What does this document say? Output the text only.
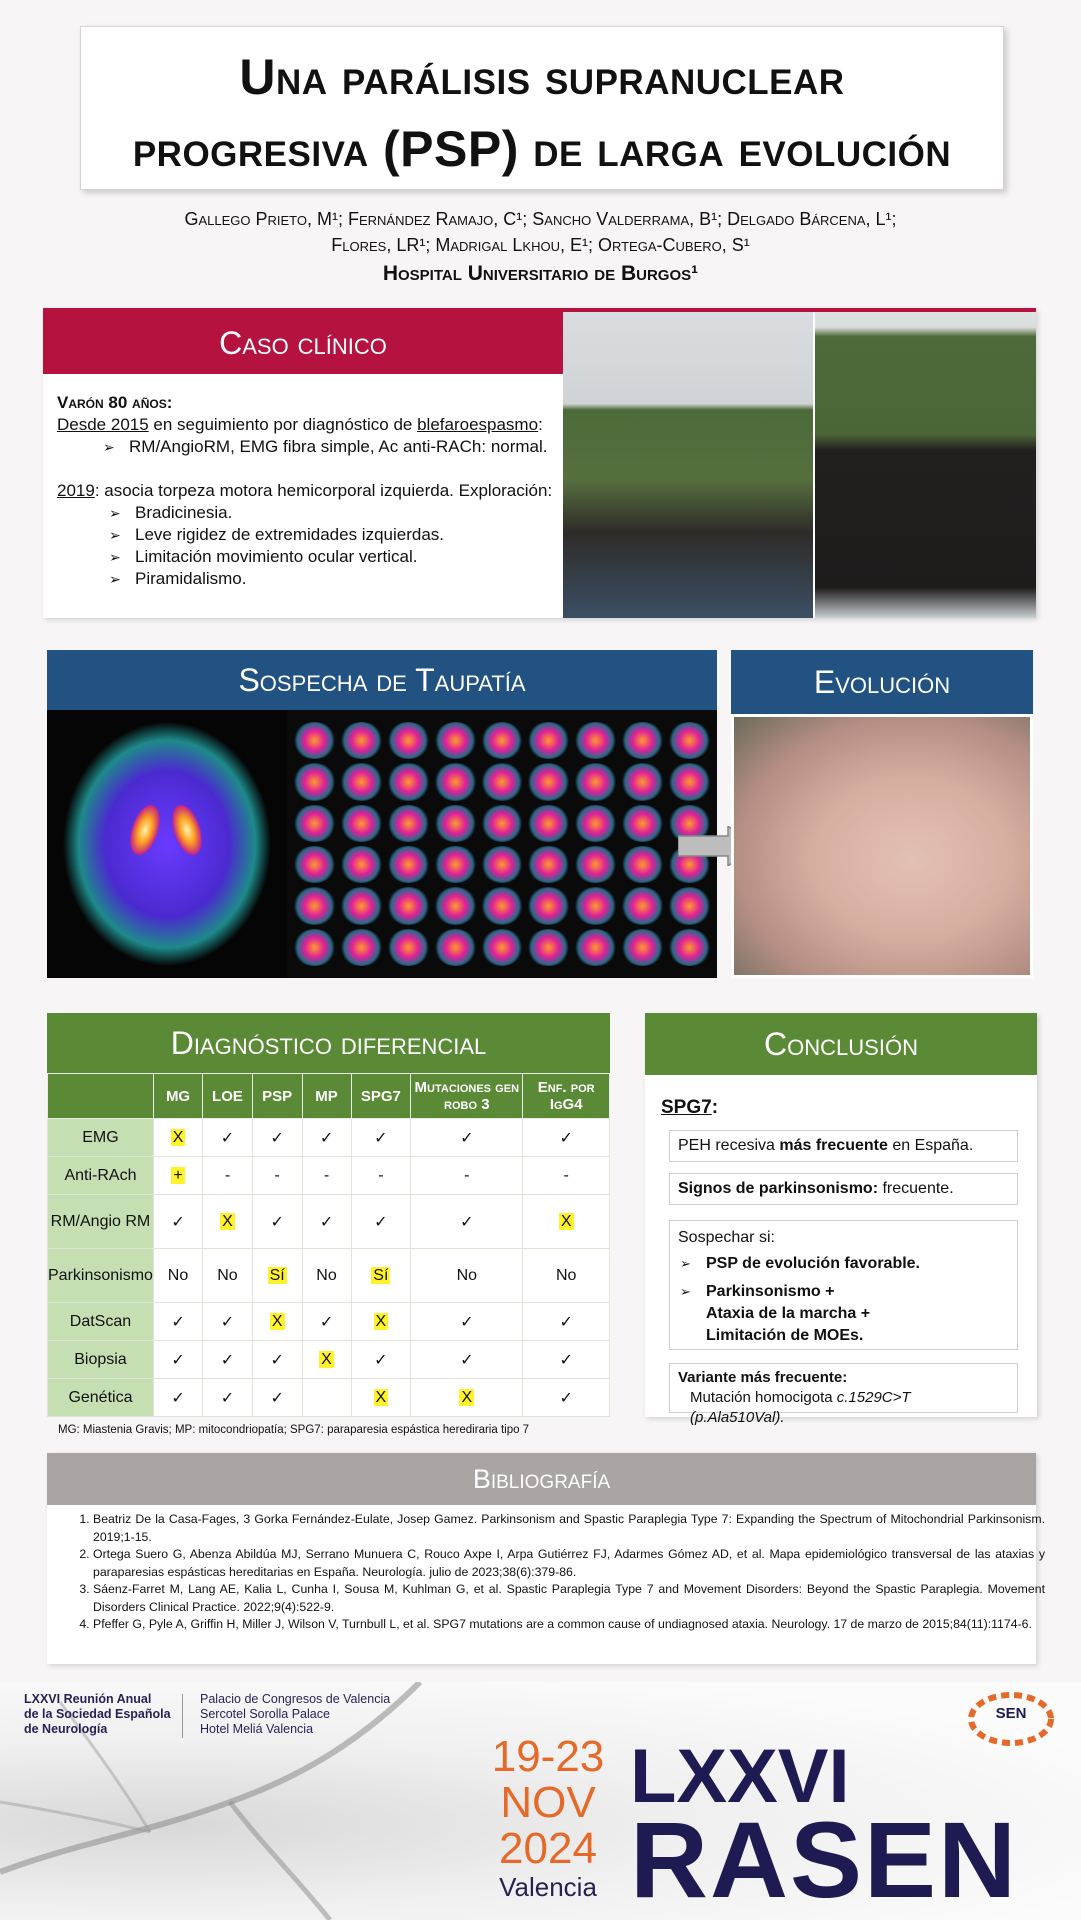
Una parálisis supranuclear
progresiva (PSP) de larga evolución
Gallego Prieto, M¹; Fernández Ramajo, C¹; Sancho Valderrama, B¹; Delgado Bárcena, L¹;
Flores, LR¹; Madrigal Lkhou, E¹; Ortega-Cubero, S¹
Hospital Universitario de Burgos¹
Caso clínico
Varón 80 años:
Desde 2015 en seguimiento por diagnóstico de blefaroespasmo:
➢ RM/AngioRM, EMG fibra simple, Ac anti-RACh: normal.
2019: asocia torpeza motora hemicorporal izquierda. Exploración:
➢ Bradicinesia.
➢ Leve rigidez de extremidades izquierdas.
➢ Limitación movimiento ocular vertical.
➢ Piramidalismo.
Sospecha de Taupatía	Evolución
Diagnóstico diferencial
	MG	LOE	PSP	MP	SPG7	Mutaciones gen robo 3	Enf. por IgG4
EMG	X	✓	✓	✓	✓	✓	✓
Anti-RAch	+	-	-	-	-	-	-
RM/Angio RM	✓	X	✓	✓	✓	✓	X
Parkinsonismo	No	No	Sí	No	Sí	No	No
DatScan	✓	✓	X	✓	X	✓	✓
Biopsia	✓	✓	✓	X	✓	✓	✓
Genética	✓	✓	✓		X	X	✓
MG: Miastenia Gravis; MP: mitocondriopatía; SPG7: paraparesia espástica herediraria tipo 7
Conclusión
SPG7:
PEH recesiva más frecuente en España.
Signos de parkinsonismo: frecuente.
Sospechar si:
➢ PSP de evolución favorable.
➢ Parkinsonismo + Ataxia de la marcha + Limitación de MOEs.
Variante más frecuente:
Mutación homocigota c.1529C>T (p.Ala510Val).
Bibliografía
1. Beatriz De la Casa-Fages, 3 Gorka Fernández-Eulate, Josep Gamez. Parkinsonism and Spastic Paraplegia Type 7: Expanding the Spectrum of Mitochondrial Parkinsonism. 2019;1-15.
2. Ortega Suero G, Abenza Abildúa MJ, Serrano Munuera C, Rouco Axpe I, Arpa Gutiérrez FJ, Adarmes Gómez AD, et al. Mapa epidemiológico transversal de las ataxias y paraparesias espásticas hereditarias en España. Neurología. julio de 2023;38(6):379-86.
3. Sáenz-Farret M, Lang AE, Kalia L, Cunha I, Sousa M, Kuhlman G, et al. Spastic Paraplegia Type 7 and Movement Disorders: Beyond the Spastic Paraplegia. Movement Disorders Clinical Practice. 2022;9(4):522-9.
4. Pfeffer G, Pyle A, Griffin H, Miller J, Wilson V, Turnbull L, et al. SPG7 mutations are a common cause of undiagnosed ataxia. Neurology. 17 de marzo de 2015;84(11):1174-6.
LXXVI Reunión Anual
de la Sociedad Española
de Neurología
Palacio de Congresos de Valencia
Sercotel Sorolla Palace
Hotel Meliá Valencia
19-23
NOV
2024
Valencia
LXXVI
RASEN
SEN
